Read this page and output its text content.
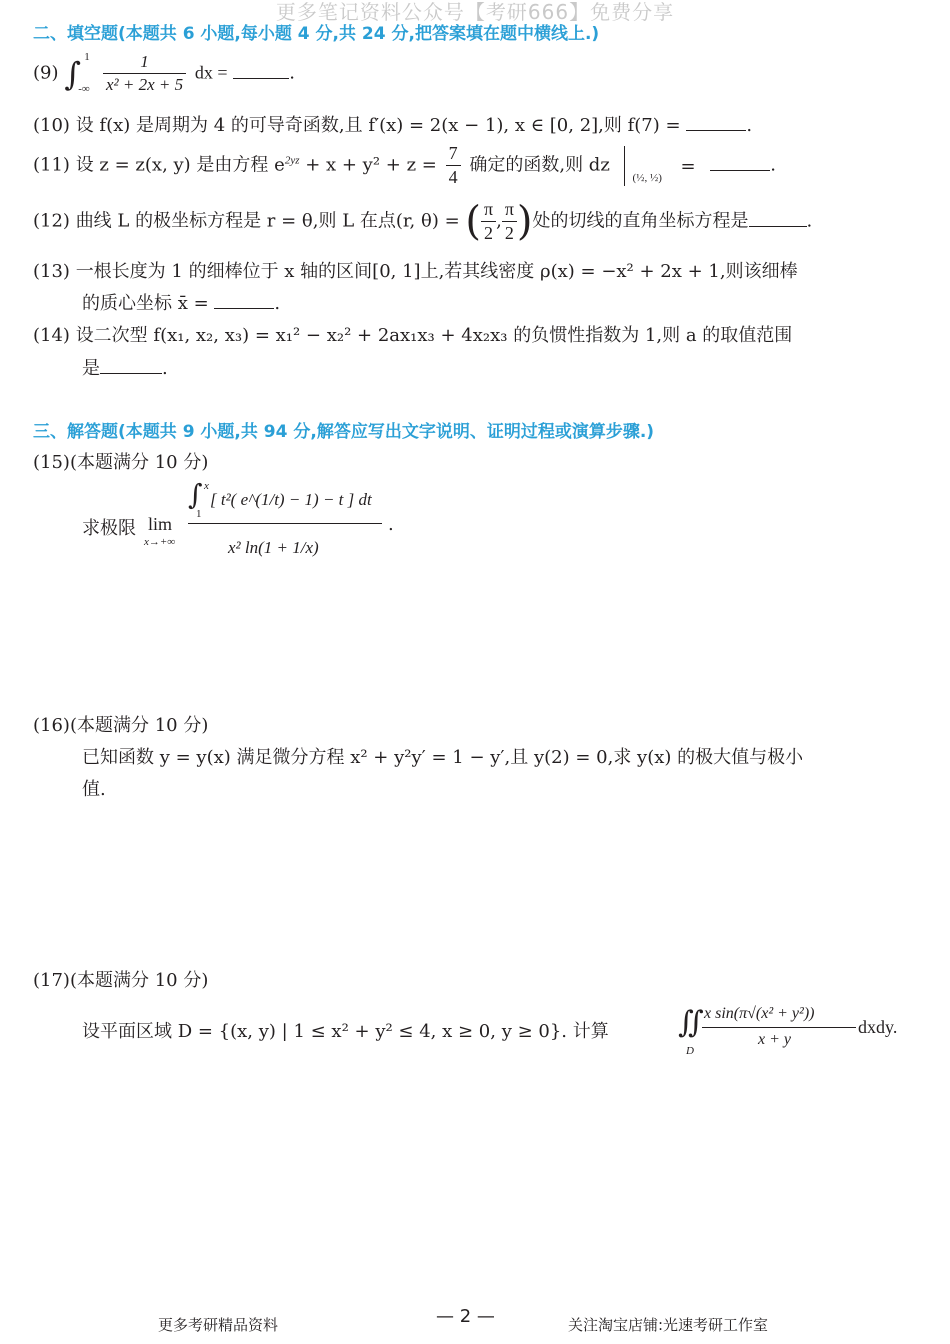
更多笔记资料公众号【考研666】免费分享
二、填空题(本题共 6 小题,每小题 4 分,共 24 分,把答案填在题中横线上.)
(9) ∫ 1
-∞
$\frac{1}{\text{x² + 2x + 5}}$ dx =	.
(10) 设 f(x) 是周期为 4 的可导奇函数,且 f′(x) = 2(x − 1), x ∈ [0, 2],则 f(7) =	.
(11) 设 z = z(x, y) 是由方程 $e^{2yz} + x + y^2 + z = \frac{7}{4}$ 确定的函数,则 dz
(½, ½)
=	.
(12) 曲线 L 的极坐标方程是 r = θ,则 L 在点(r, θ) = ( $\frac{\pi}{2}$ , $\frac{\pi}{2}$ )处的切线的直角坐标方程是	.
(13) 一根长度为 1 的细棒位于 x 轴的区间[0, 1]上,若其线密度 ρ(x) = −x² + 2x + 1,则该细棒
的质心坐标 x̄ =	.
(14) 设二次型 f(x₁, x₂, x₃) = x₁² − x₂² + 2ax₁x₃ + 4x₂x₃ 的负惯性指数为 1,则 a 的取值范围
是	.
三、解答题(本题共 9 小题,共 94 分,解答应写出文字说明、证明过程或演算步骤.)
(15)(本题满分 10 分)
求极限 lim
x→+∞
∫ x
1
[ t²( e^(1/t) − 1) − t ] dt
x² ln(1 + 1/x)
.
(16)(本题满分 10 分)
已知函数 y = y(x) 满足微分方程 x² + y²y′ = 1 − y′,且 y(2) = 0,求 y(x) 的极大值与极小
值.
(17)(本题满分 10 分)
设平面区域 D = {(x, y) | 1 ≤ x² + y² ≤ 4, x ≥ 0, y ≥ 0}. 计算 ∬
D
x sin(π√(x² + y²))
x + y
dxdy.
更多考研精品资料	— 2 —	关注淘宝店铺:光速考研工作室
